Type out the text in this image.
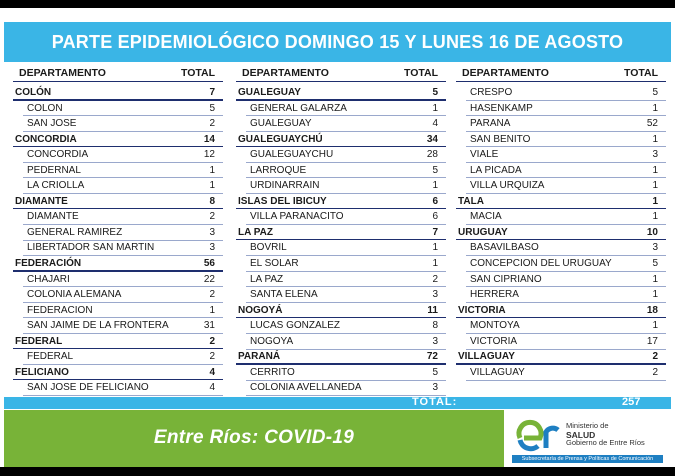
PARTE EPIDEMIOLÓGICO DOMINGO 15 Y LUNES 16 DE AGOSTO
DEPARTAMENTO	TOTAL
COLÓN	7
COLON	5
SAN JOSE	2
CONCORDIA	14
CONCORDIA	12
PEDERNAL	1
LA CRIOLLA	1
DIAMANTE	8
DIAMANTE	2
GENERAL RAMIREZ	3
LIBERTADOR SAN MARTIN	3
FEDERACIÓN	56
CHAJARI	22
COLONIA ALEMANA	2
FEDERACION	1
SAN JAIME DE LA FRONTERA	31
FEDERAL	2
FEDERAL	2
FELICIANO	4
SAN JOSE DE FELICIANO	4
DEPARTAMENTO	TOTAL
GUALEGUAY	5
GENERAL GALARZA	1
GUALEGUAY	4
GUALEGUAYCHÚ	34
GUALEGUAYCHU	28
LARROQUE	5
URDINARRAIN	1
ISLAS DEL IBICUY	6
VILLA PARANACITO	6
LA PAZ	7
BOVRIL	1
EL SOLAR	1
LA PAZ	2
SANTA ELENA	3
NOGOYÁ	11
LUCAS GONZALEZ	8
NOGOYA	3
PARANÁ	72
CERRITO	5
COLONIA AVELLANEDA	3
DEPARTAMENTO	TOTAL
CRESPO	5
HASENKAMP	1
PARANA	52
SAN BENITO	1
VIALE	3
LA PICADA	1
VILLA URQUIZA	1
TALA	1
MACIA	1
URUGUAY	10
BASAVILBASO	3
CONCEPCION DEL URUGUAY	5
SAN CIPRIANO	1
HERRERA	1
VICTORIA	18
MONTOYA	1
VICTORIA	17
VILLAGUAY	2
VILLAGUAY	2
TOTAL:	257
Entre Ríos: COVID-19
Ministerio de
SALUD
Gobierno de Entre Ríos
Subsecretaría de Prensa y Políticas de Comunicación
